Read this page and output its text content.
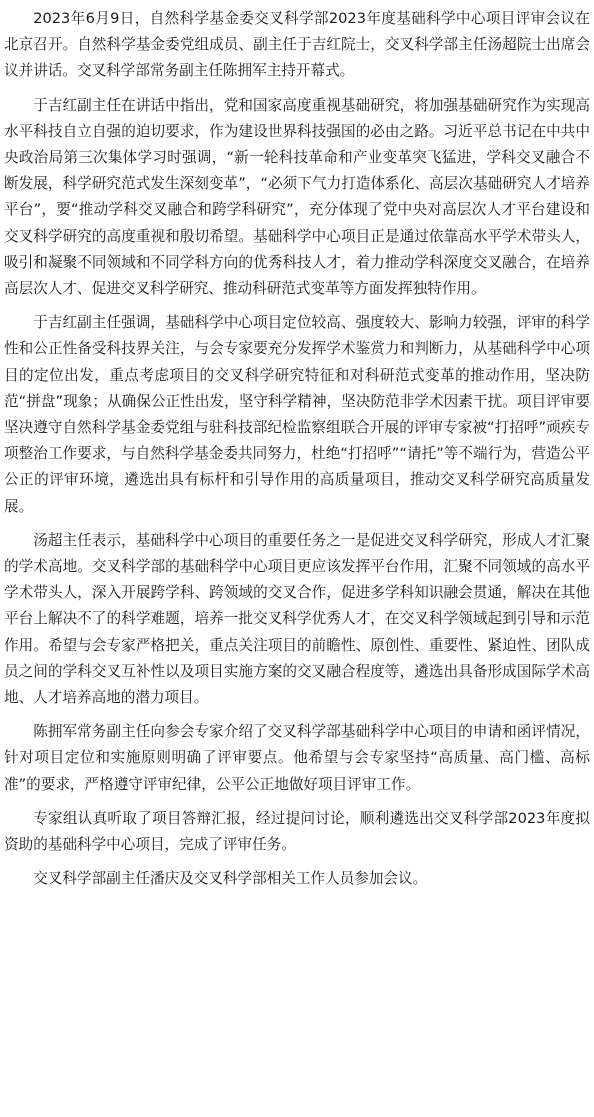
2023年6月9日，自然科学基金委交叉科学部2023年度基础科学中心项目评审会议在北京召开。自然科学基金委党组成员、副主任于吉红院士，交叉科学部主任汤超院士出席会议并讲话。交叉科学部常务副主任陈拥军主持开幕式。

于吉红副主任在讲话中指出，党和国家高度重视基础研究，将加强基础研究作为实现高水平科技自立自强的迫切要求，作为建设世界科技强国的必由之路。习近平总书记在中共中央政治局第三次集体学习时强调，“新一轮科技革命和产业变革突飞猛进，学科交叉融合不断发展，科学研究范式发生深刻变革”，“必须下气力打造体系化、高层次基础研究人才培养平台”，要“推动学科交叉融合和跨学科研究”，充分体现了党中央对高层次人才平台建设和交叉科学研究的高度重视和殷切希望。基础科学中心项目正是通过依靠高水平学术带头人，吸引和凝聚不同领域和不同学科方向的优秀科技人才，着力推动学科深度交叉融合，在培养高层次人才、促进交叉科学研究、推动科研范式变革等方面发挥独特作用。

于吉红副主任强调，基础科学中心项目定位较高、强度较大、影响力较强，评审的科学性和公正性备受科技界关注，与会专家要充分发挥学术鉴赏力和判断力，从基础科学中心项目的定位出发，重点考虑项目的交叉科学研究特征和对科研范式变革的推动作用，坚决防范“拼盘”现象；从确保公正性出发，坚守科学精神，坚决防范非学术因素干扰。项目评审要坚决遵守自然科学基金委党组与驻科技部纪检监察组联合开展的评审专家被“打招呼”顽疾专项整治工作要求，与自然科学基金委共同努力，杜绝“打招呼”“请托”等不端行为，营造公平公正的评审环境，遴选出具有标杆和引导作用的高质量项目，推动交叉科学研究高质量发展。

汤超主任表示，基础科学中心项目的重要任务之一是促进交叉科学研究，形成人才汇聚的学术高地。交叉科学部的基础科学中心项目更应该发挥平台作用，汇聚不同领域的高水平学术带头人，深入开展跨学科、跨领域的交叉合作，促进多学科知识融会贯通，解决在其他平台上解决不了的科学难题，培养一批交叉科学优秀人才，在交叉科学领域起到引导和示范作用。希望与会专家严格把关，重点关注项目的前瞻性、原创性、重要性、紧迫性、团队成员之间的学科交叉互补性以及项目实施方案的交叉融合程度等，遴选出具备形成国际学术高地、人才培养高地的潜力项目。

陈拥军常务副主任向参会专家介绍了交叉科学部基础科学中心项目的申请和函评情况，针对项目定位和实施原则明确了评审要点。他希望与会专家坚持“高质量、高门槛、高标准”的要求，严格遵守评审纪律，公平公正地做好项目评审工作。

专家组认真听取了项目答辩汇报，经过提问讨论，顺利遴选出交叉科学部2023年度拟资助的基础科学中心项目，完成了评审任务。

交叉科学部副主任潘庆及交叉科学部相关工作人员参加会议。
